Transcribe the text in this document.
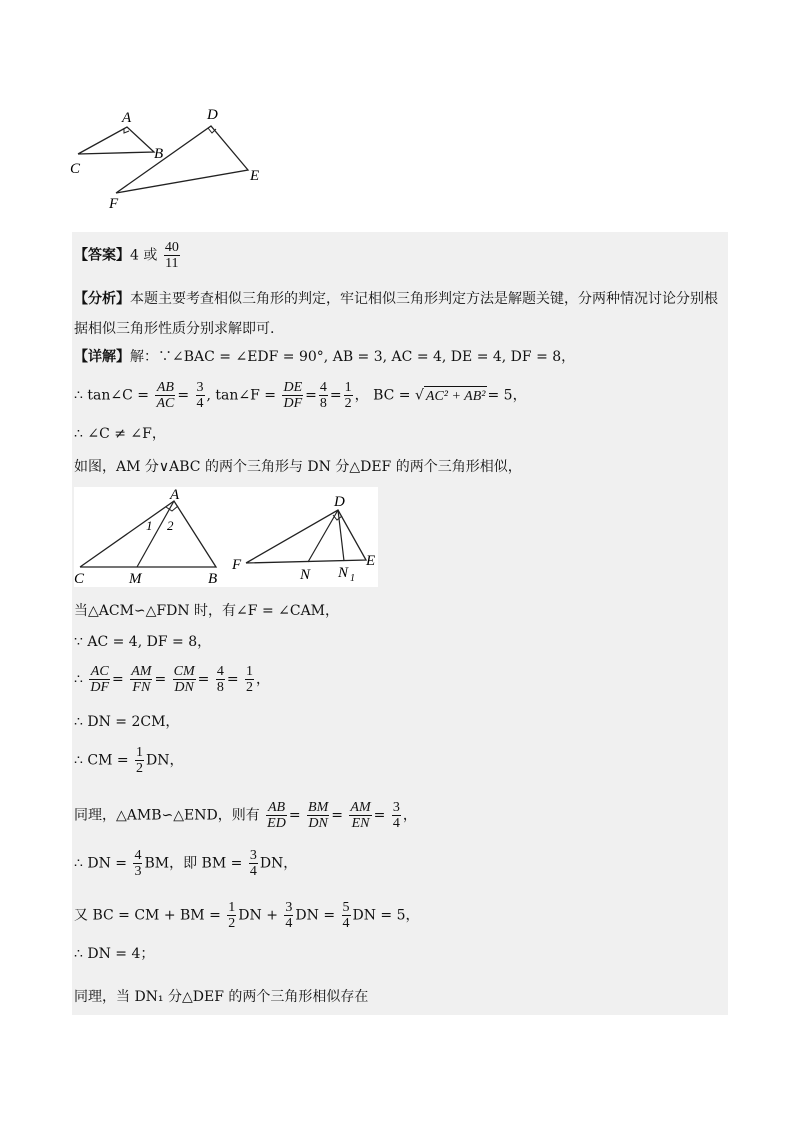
A
B
C
D
E
F
【答案】4 或 $\frac{40}{11}$
【分析】本题主要考查相似三角形的判定，牢记相似三角形判定方法是解题关键，分两种情况讨论分别根
据相似三角形性质分别求解即可.
【详解】解：∵∠BAC = ∠EDF = 90°, AB = 3, AC = 4, DE = 4, DF = 8，
∴ tan∠C = $\frac{AB}{AC} = \frac{3}{4}$ , tan∠F = $\frac{DE}{DF} = \frac{4}{8} = \frac{1}{2}$ ， BC = √ AC² + AB² = 5，
∴ ∠C ≠ ∠F，
如图，AM 分∨ABC 的两个三角形与 DN 分△DEF 的两个三角形相似，
A
1 2
C	M	B
D
F
N N 1
E
当△ACM∽△FDN 时，有∠F = ∠CAM，
∵ AC = 4, DF = 8，
∴ $\frac{AC}{DF} = \frac{AM}{FN} = \frac{CM}{DN} = \frac{4}{8} = \frac{1}{2}$ ，
∴ DN = 2CM，
∴ CM = $\frac{1}{2}$ DN，
同理，△AMB∽△END，则有 $\frac{AB}{ED} = \frac{BM}{DN} = \frac{AM}{EN} = \frac{3}{4}$ ，
∴ DN = $\frac{4}{3}$ BM，即 BM = $\frac{3}{4}$ DN，
又 BC = CM + BM = $\frac{1}{2}$ DN + $\frac{3}{4}$ DN = $\frac{5}{4}$ DN = 5，
∴ DN = 4；
同理，当 DN₁ 分△DEF 的两个三角形相似存在
